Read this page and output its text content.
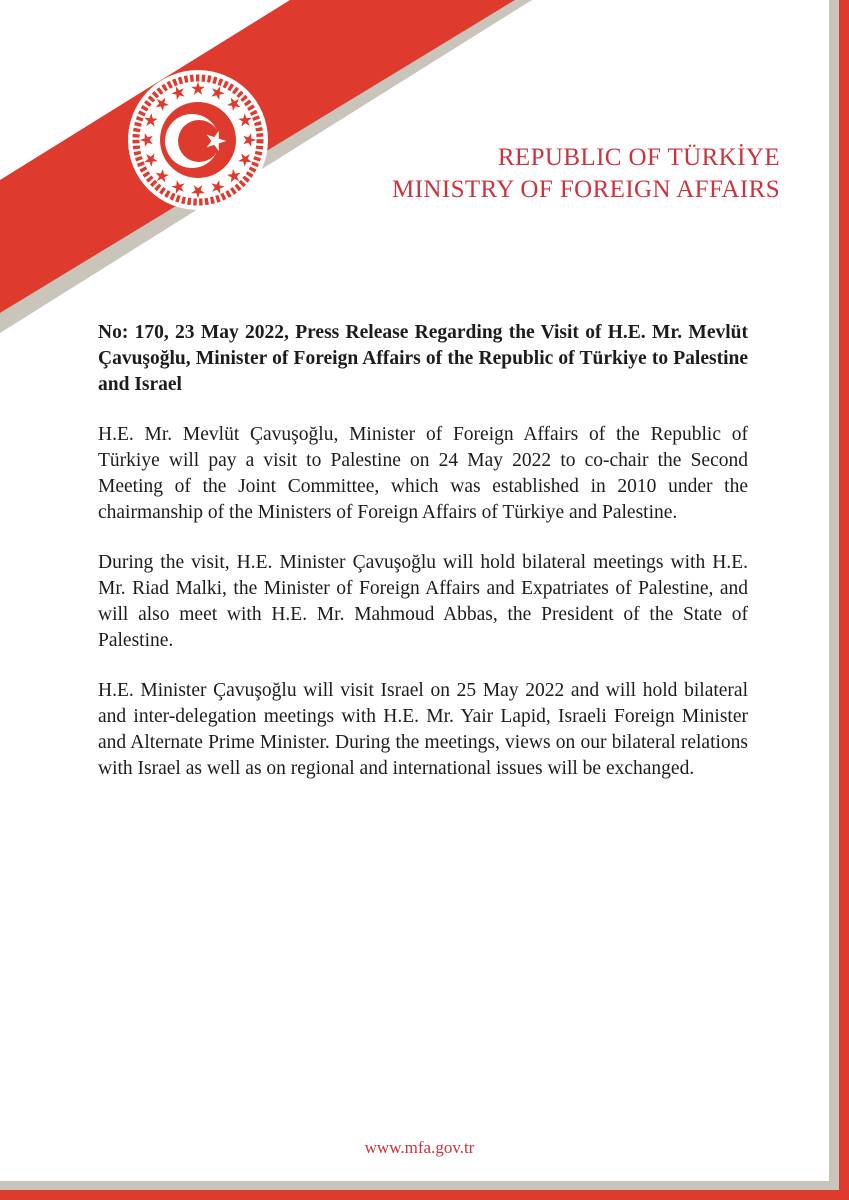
REPUBLIC OF TÜRKİYE
MINISTRY OF FOREIGN AFFAIRS

No: 170, 23 May 2022, Press Release Regarding the Visit of H.E. Mr. Mevlüt Çavuşoğlu, Minister of Foreign Affairs of the Republic of Türkiye to Palestine and Israel

H.E. Mr. Mevlüt Çavuşoğlu, Minister of Foreign Affairs of the Republic of Türkiye will pay a visit to Palestine on 24 May 2022 to co-chair the Second Meeting of the Joint Committee, which was established in 2010 under the chairmanship of the Ministers of Foreign Affairs of Türkiye and Palestine.

During the visit, H.E. Minister Çavuşoğlu will hold bilateral meetings with H.E. Mr. Riad Malki, the Minister of Foreign Affairs and Expatriates of Palestine, and will also meet with H.E. Mr. Mahmoud Abbas, the President of the State of Palestine.

H.E. Minister Çavuşoğlu will visit Israel on 25 May 2022 and will hold bilateral and inter-delegation meetings with H.E. Mr. Yair Lapid, Israeli Foreign Minister and Alternate Prime Minister. During the meetings, views on our bilateral relations with Israel as well as on regional and international issues will be exchanged.

www.mfa.gov.tr
